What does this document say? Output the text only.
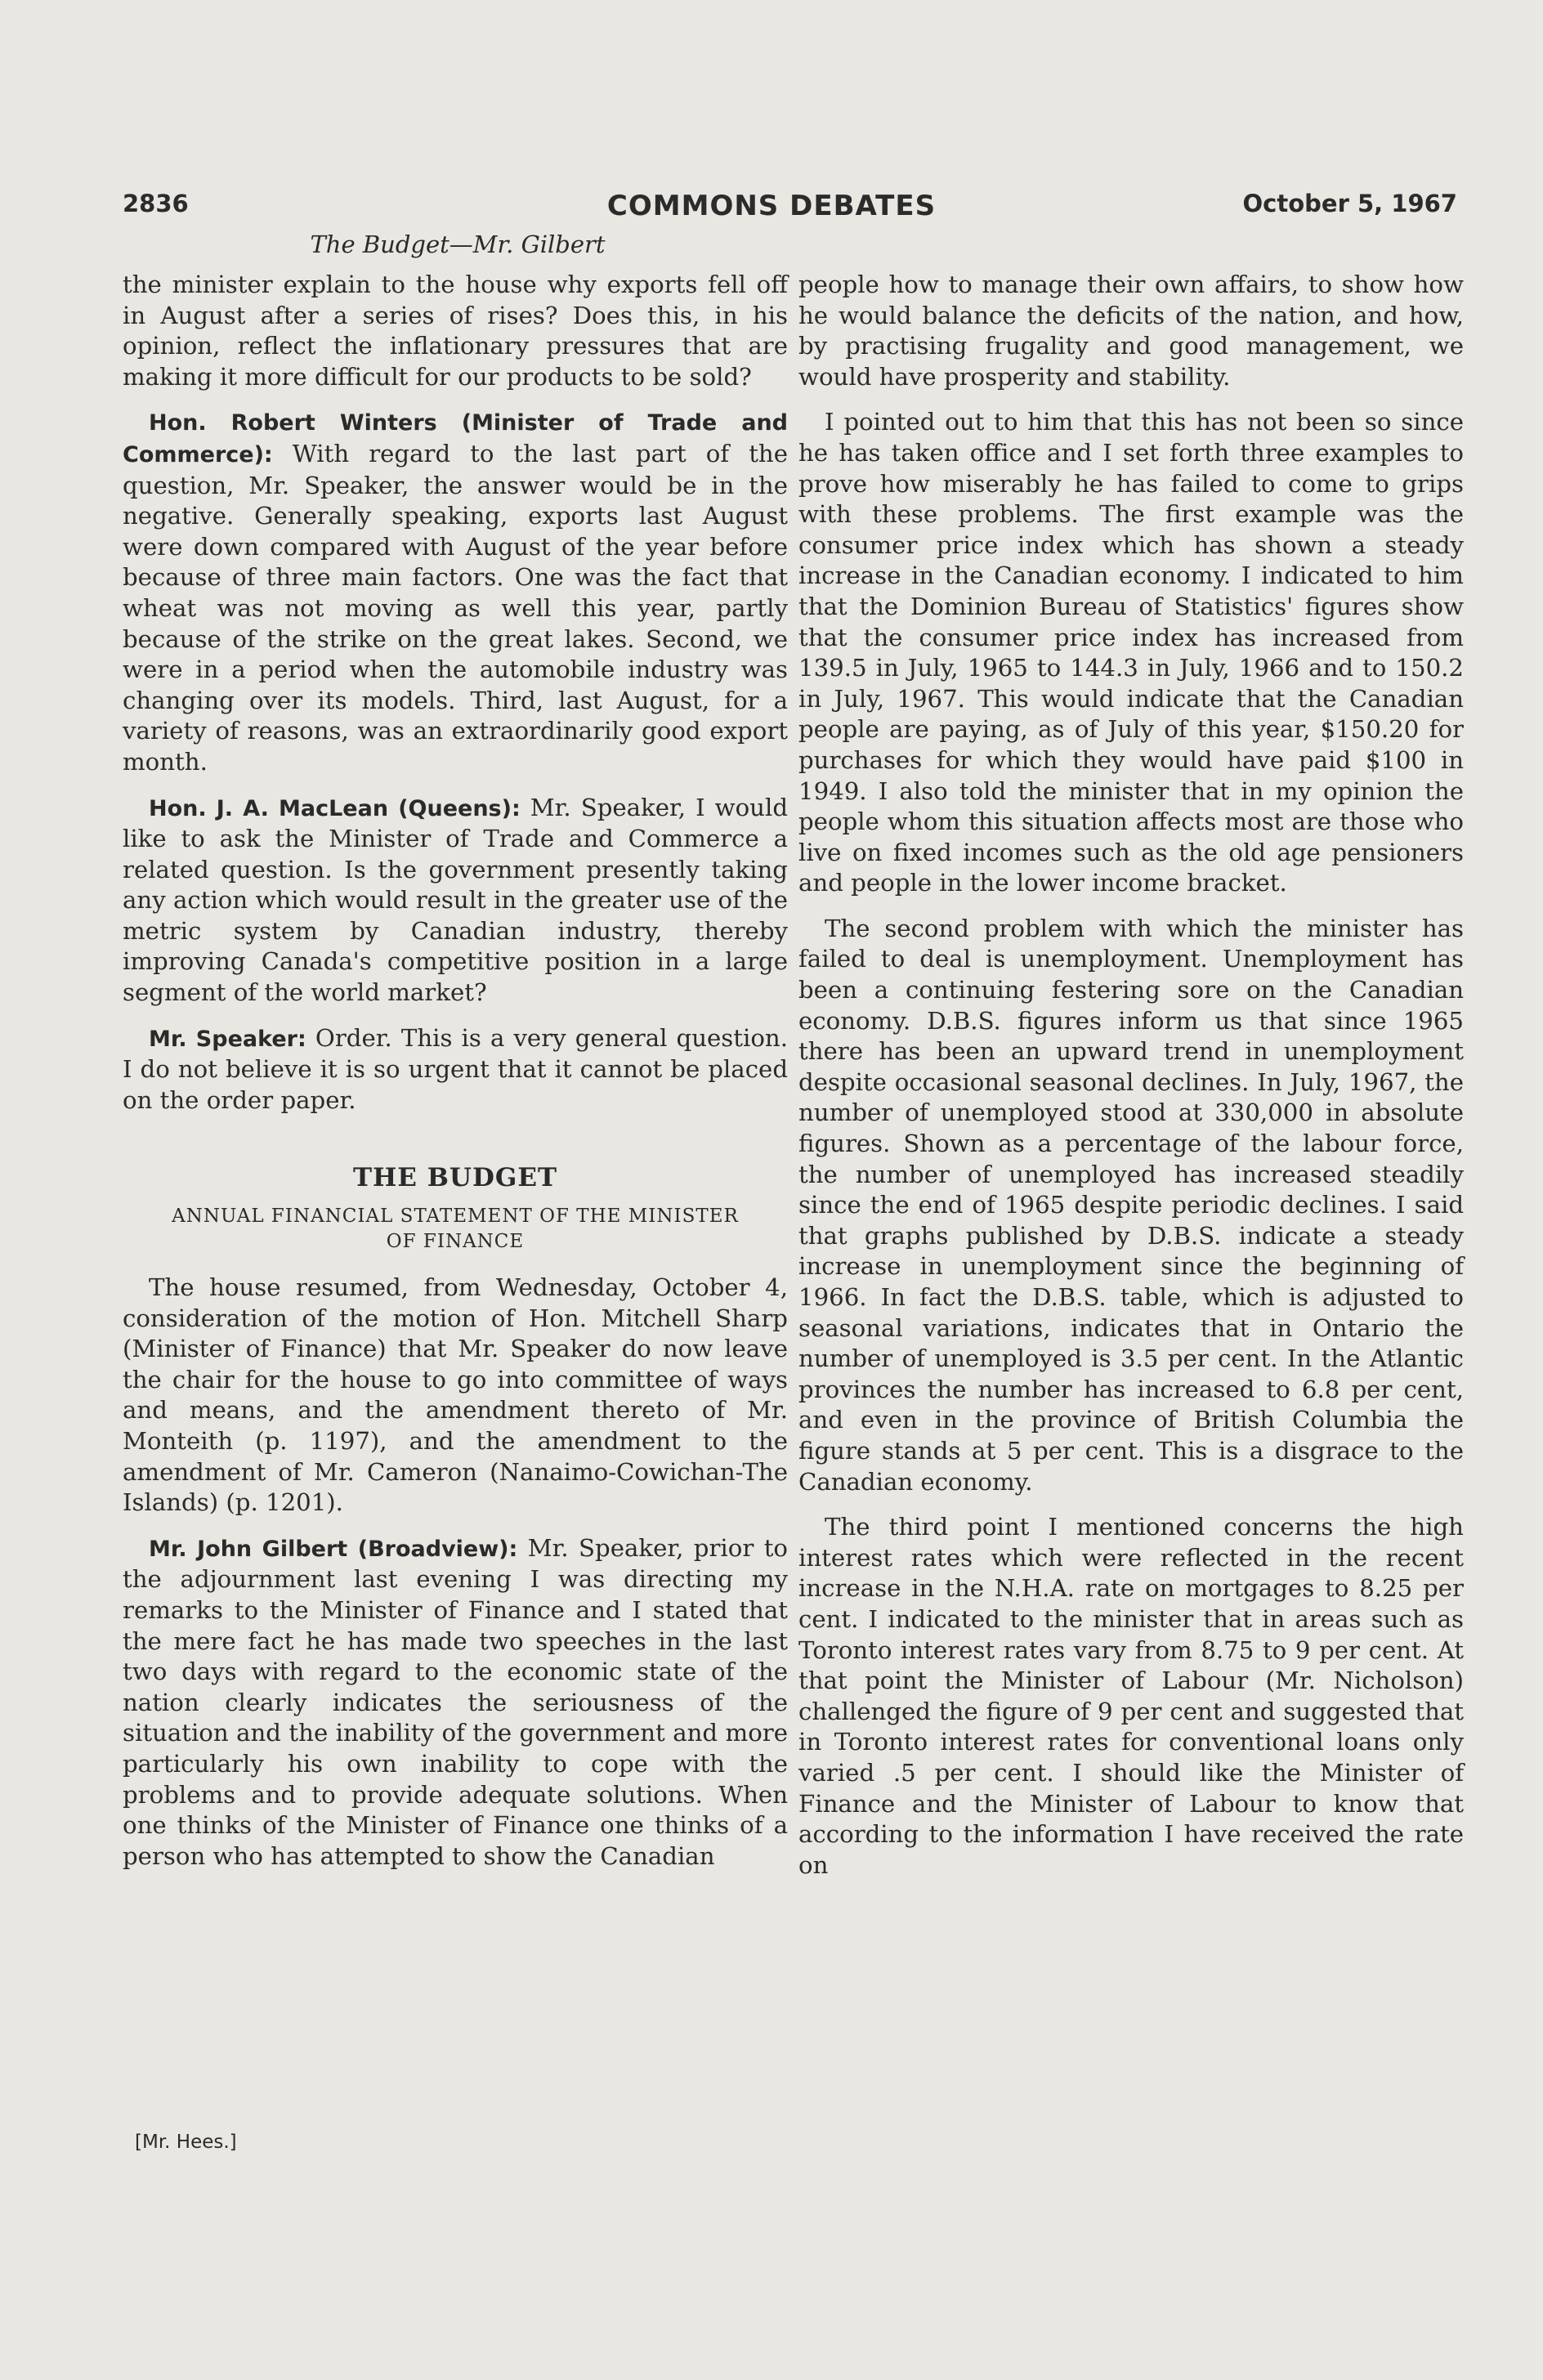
2836	COMMONS DEBATES	October 5, 1967
The Budget—Mr. Gilbert

the minister explain to the house why exports fell off in August after a series of rises? Does this, in his opinion, reflect the inflationary pressures that are making it more difficult for our products to be sold?

Hon. Robert Winters (Minister of Trade and Commerce): With regard to the last part of the question, Mr. Speaker, the answer would be in the negative. Generally speaking, exports last August were down compared with August of the year before because of three main factors. One was the fact that wheat was not moving as well this year, partly because of the strike on the great lakes. Second, we were in a period when the automobile industry was changing over its models. Third, last August, for a variety of reasons, was an extraordinarily good export month.

Hon. J. A. MacLean (Queens): Mr. Speaker, I would like to ask the Minister of Trade and Commerce a related question. Is the government presently taking any action which would result in the greater use of the metric system by Canadian industry, thereby improving Canada's competitive position in a large segment of the world market?

Mr. Speaker: Order. This is a very general question. I do not believe it is so urgent that it cannot be placed on the order paper.

THE BUDGET
ANNUAL FINANCIAL STATEMENT OF THE MINISTER OF FINANCE

The house resumed, from Wednesday, October 4, consideration of the motion of Hon. Mitchell Sharp (Minister of Finance) that Mr. Speaker do now leave the chair for the house to go into committee of ways and means, and the amendment thereto of Mr. Monteith (p. 1197), and the amendment to the amendment of Mr. Cameron (Nanaimo-Cowichan-The Islands) (p. 1201).

Mr. John Gilbert (Broadview): Mr. Speaker, prior to the adjournment last evening I was directing my remarks to the Minister of Finance and I stated that the mere fact he has made two speeches in the last two days with regard to the economic state of the nation clearly indicates the seriousness of the situation and the inability of the government and more particularly his own inability to cope with the problems and to provide adequate solutions. When one thinks of the Minister of Finance one thinks of a person who has attempted to show the Canadian

people how to manage their own affairs, to show how he would balance the deficits of the nation, and how, by practising frugality and good management, we would have prosperity and stability.

I pointed out to him that this has not been so since he has taken office and I set forth three examples to prove how miserably he has failed to come to grips with these problems. The first example was the consumer price index which has shown a steady increase in the Canadian economy. I indicated to him that the Dominion Bureau of Statistics' figures show that the consumer price index has increased from 139.5 in July, 1965 to 144.3 in July, 1966 and to 150.2 in July, 1967. This would indicate that the Canadian people are paying, as of July of this year, $150.20 for purchases for which they would have paid $100 in 1949. I also told the minister that in my opinion the people whom this situation affects most are those who live on fixed incomes such as the old age pensioners and people in the lower income bracket.

The second problem with which the minister has failed to deal is unemployment. Unemployment has been a continuing festering sore on the Canadian economy. D.B.S. figures inform us that since 1965 there has been an upward trend in unemployment despite occasional seasonal declines. In July, 1967, the number of unemployed stood at 330,000 in absolute figures. Shown as a percentage of the labour force, the number of unemployed has increased steadily since the end of 1965 despite periodic declines. I said that graphs published by D.B.S. indicate a steady increase in unemployment since the beginning of 1966. In fact the D.B.S. table, which is adjusted to seasonal variations, indicates that in Ontario the number of unemployed is 3.5 per cent. In the Atlantic provinces the number has increased to 6.8 per cent, and even in the province of British Columbia the figure stands at 5 per cent. This is a disgrace to the Canadian economy.

The third point I mentioned concerns the high interest rates which were reflected in the recent increase in the N.H.A. rate on mortgages to 8.25 per cent. I indicated to the minister that in areas such as Toronto interest rates vary from 8.75 to 9 per cent. At that point the Minister of Labour (Mr. Nicholson) challenged the figure of 9 per cent and suggested that in Toronto interest rates for conventional loans only varied .5 per cent. I should like the Minister of Finance and the Minister of Labour to know that according to the information I have received the rate on

[Mr. Hees.]
